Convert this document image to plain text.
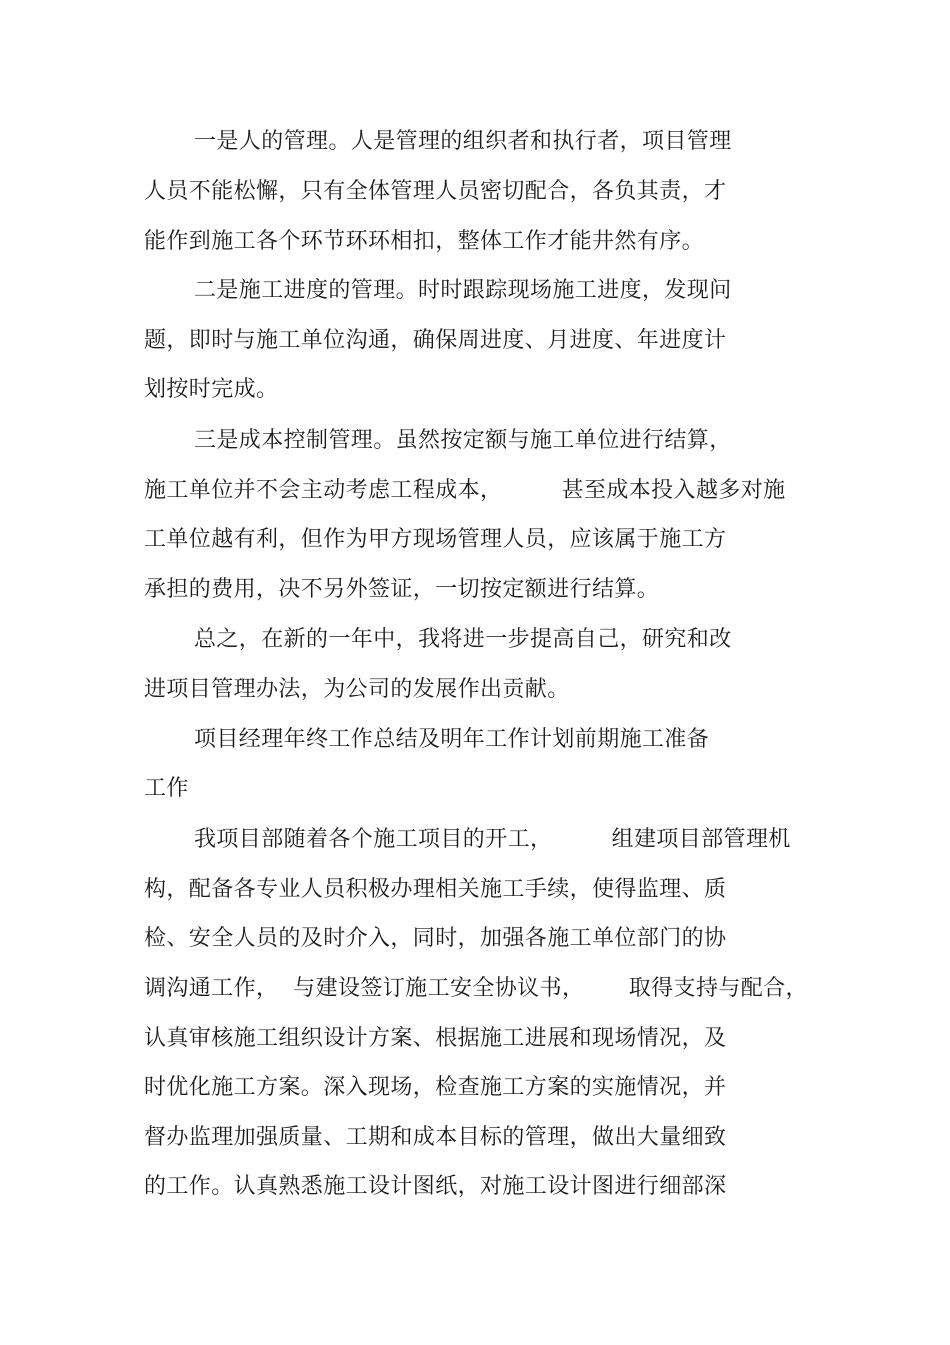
一是人的管理。人是管理的组织者和执行者，项目管理
人员不能松懈，只有全体管理人员密切配合，各负其责，才
能作到施工各个环节环环相扣，整体工作才能井然有序。
二是施工进度的管理。时时跟踪现场施工进度，发现问
题，即时与施工单位沟通，确保周进度、月进度、年进度计
划按时完成。
三是成本控制管理。虽然按定额与施工单位进行结算，
施工单位并不会主动考虑工程成本，        甚至成本投入越多对施
工单位越有利，但作为甲方现场管理人员，应该属于施工方
承担的费用，决不另外签证，一切按定额进行结算。
总之，在新的一年中，我将进一步提高自己，研究和改
进项目管理办法，为公司的发展作出贡献。
项目经理年终工作总结及明年工作计划前期施工准备
工作
我项目部随着各个施工项目的开工，        组建项目部管理机
构，配备各专业人员积极办理相关施工手续，使得监理、质
检、安全人员的及时介入，同时，加强各施工单位部门的协
调沟通工作，  与建设签订施工安全协议书，      取得支持与配合，
认真审核施工组织设计方案、根据施工进展和现场情况，及
时优化施工方案。深入现场，检查施工方案的实施情况，并
督办监理加强质量、工期和成本目标的管理，做出大量细致
的工作。认真熟悉施工设计图纸，对施工设计图进行细部深
